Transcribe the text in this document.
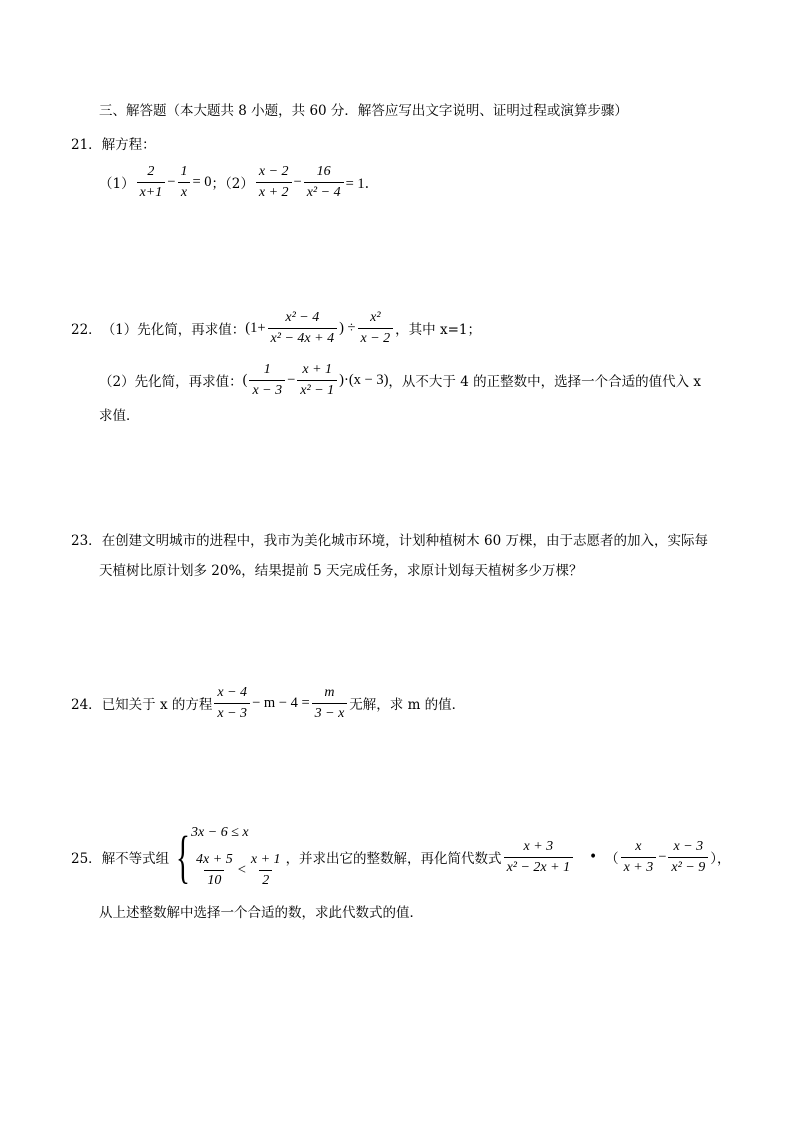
三、解答题（本大题共 8 小题，共 60 分．解答应写出文字说明、证明过程或演算步骤）
21．解方程：
$(1) \frac{2}{x+1} - \frac{1}{x} = 0$ ；$(2) \frac{x - 2}{x + 2} - \frac{16}{\text{x² − 4}} = 1$．
22． （1）先化简，再求值： ($1+ \frac{\text{x² − 4}}{\text{x² − 4x + 4}}$ ) ÷ $\frac{\text{x²}}{x - 2}$ ，其中 x=1；
（2）先化简，再求值： ( $\frac{1}{x - 3} - \frac{x + 1}{\text{x² − 1}} )\cdot(x - 3)$ ，从不大于 4 的正整数中，选择一个合适的值代入 x
求值．
23．在创建文明城市的进程中，我市为美化城市环境，计划种植树木 60 万棵，由于志愿者的加入，实际每
天植树比原计划多 20%，结果提前 5 天完成任务，求原计划每天植树多少万棵？
24． 已知关于 x 的方程 $\frac{x - 4}{x - 3} - m - 4 = \frac{m}{3 - x}$ 无解，求 m 的值．
25． 解不等式组 { 3x − 6 ≤ x
$\frac{4x + 5}{10} < \frac{x + 1}{2}$ ，并求出它的整数解，再化简代数式 $\frac{x + 3}{\text{x² − 2x + 1}}$ • （ $\frac{x}{x + 3} - \frac{x - 3}{\text{x² − 9}}$ ），
从上述整数解中选择一个合适的数，求此代数式的值．
